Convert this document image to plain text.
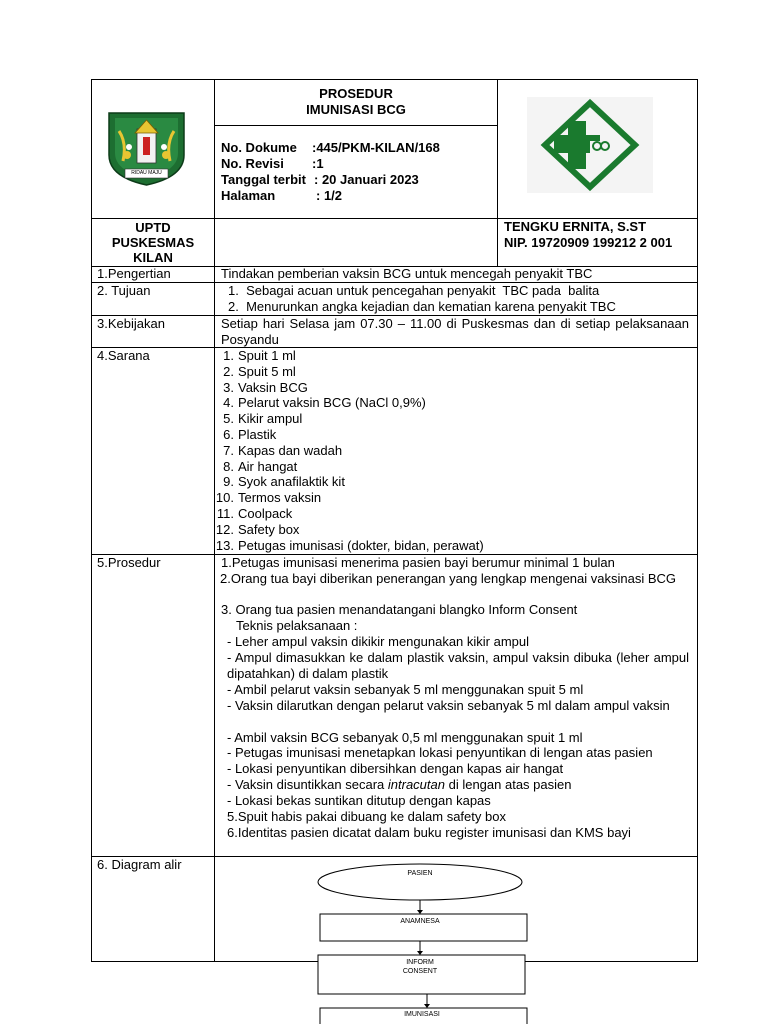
RIDAU MAJU
PROSEDUR
IMUNISASI BCG
No. Dokume :445/PKM-KILAN/168
No. Revisi :1
Tanggal terbit : 20 Januari 2023
Halaman	: 1/2
UPTD
PUSKESMAS
KILAN
TENGKU ERNITA, S.ST
NIP. 19720909 199212 2 001
1.Pengertian	Tindakan pemberian vaksin BCG untuk mencegah penyakit TBC
2. Tujuan	1.  Sebagai acuan untuk pencegahan penyakit  TBC pada  balita
2.  Menurunkan angka kejadian dan kematian karena penyakit TBC
3.Kebijakan	Setiap hari Selasa jam 07.30 – 11.00 di Puskesmas dan di setiap pelaksanaan Posyandu
4.Sarana	1. Spuit 1 ml
2. Spuit 5 ml
3. Vaksin BCG
4. Pelarut vaksin BCG (NaCl 0,9%)
5. Kikir ampul
6. Plastik
7. Kapas dan wadah
8. Air hangat
9. Syok anafilaktik kit
10. Termos vaksin
11. Coolpack
12. Safety box
13. Petugas imunisasi (dokter, bidan, perawat)
5.Prosedur	1.Petugas imunisasi menerima pasien bayi berumur minimal 1 bulan
2.Orang tua bayi diberikan penerangan yang lengkap mengenai vaksinasi BCG
3. Orang tua pasien menandatangani blangko Inform Consent
Teknis pelaksanaan :
- Leher ampul vaksin dikikir mengunakan kikir ampul
- Ampul dimasukkan ke dalam plastik vaksin, ampul vaksin dibuka (leher ampul dipatahkan) di dalam plastik
- Ambil pelarut vaksin sebanyak 5 ml menggunakan spuit 5 ml
- Vaksin dilarutkan dengan pelarut vaksin sebanyak 5 ml dalam ampul vaksin
- Ambil vaksin BCG sebanyak 0,5 ml menggunakan spuit 1 ml
- Petugas imunisasi menetapkan lokasi penyuntikan di lengan atas pasien
- Lokasi penyuntikan dibersihkan dengan kapas air hangat
- Vaksin disuntikkan secara intracutan di lengan atas pasien
- Lokasi bekas suntikan ditutup dengan kapas
5.Spuit habis pakai dibuang ke dalam safety box
6.Identitas pasien dicatat dalam buku register imunisasi dan KMS bayi
6. Diagram alir
PASIEN
ANAMNESA
INFORM
CONSENT
IMUNISASI
